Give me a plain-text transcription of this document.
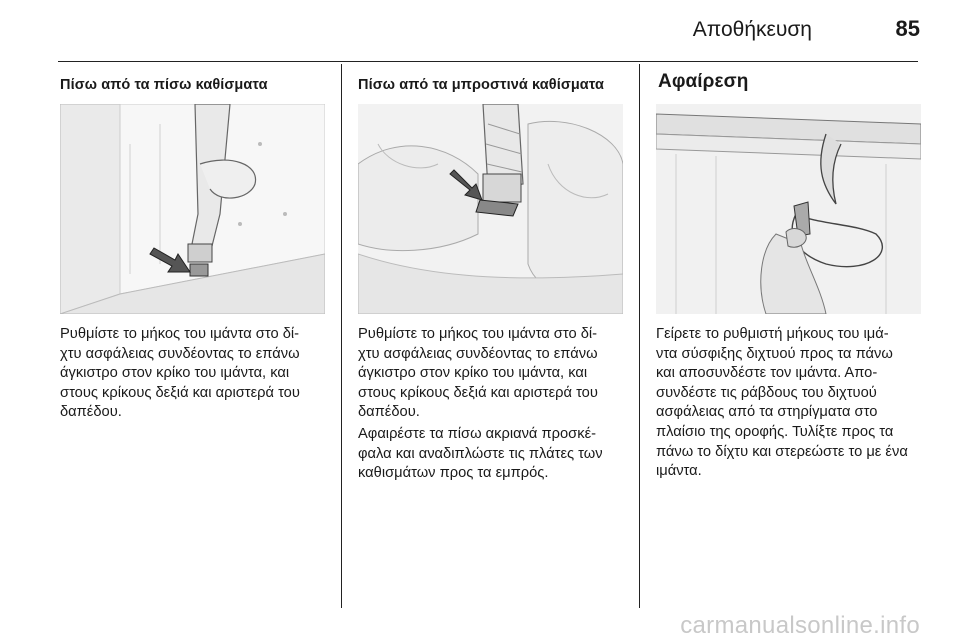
Αποθήκευση	85
Πίσω από τα πίσω καθίσματα
Ρυθμίστε το μήκος του ιμάντα στο δί-
χτυ ασφάλειας συνδέοντας το επάνω
άγκιστρο στον κρίκο του ιμάντα, και
στους κρίκους δεξιά και αριστερά του
δαπέδου.
Πίσω από τα μπροστινά καθίσματα
Ρυθμίστε το μήκος του ιμάντα στο δί-
χτυ ασφάλειας συνδέοντας το επάνω
άγκιστρο στον κρίκο του ιμάντα, και
στους κρίκους δεξιά και αριστερά του
δαπέδου.
Αφαιρέστε τα πίσω ακριανά προσκέ-
φαλα και αναδιπλώστε τις πλάτες των
καθισμάτων προς τα εμπρός.
Αφαίρεση
Γείρετε το ρυθμιστή μήκους του ιμά-
ντα σύσφιξης διχτυού προς τα πάνω
και αποσυνδέστε τον ιμάντα. Απο-
συνδέστε τις ράβδους του διχτυού
ασφάλειας από τα στηρίγματα στο
πλαίσιο της οροφής. Τυλίξτε προς τα
πάνω το δίχτυ και στερεώστε το με ένα
ιμάντα.
carmanualsonline.info
